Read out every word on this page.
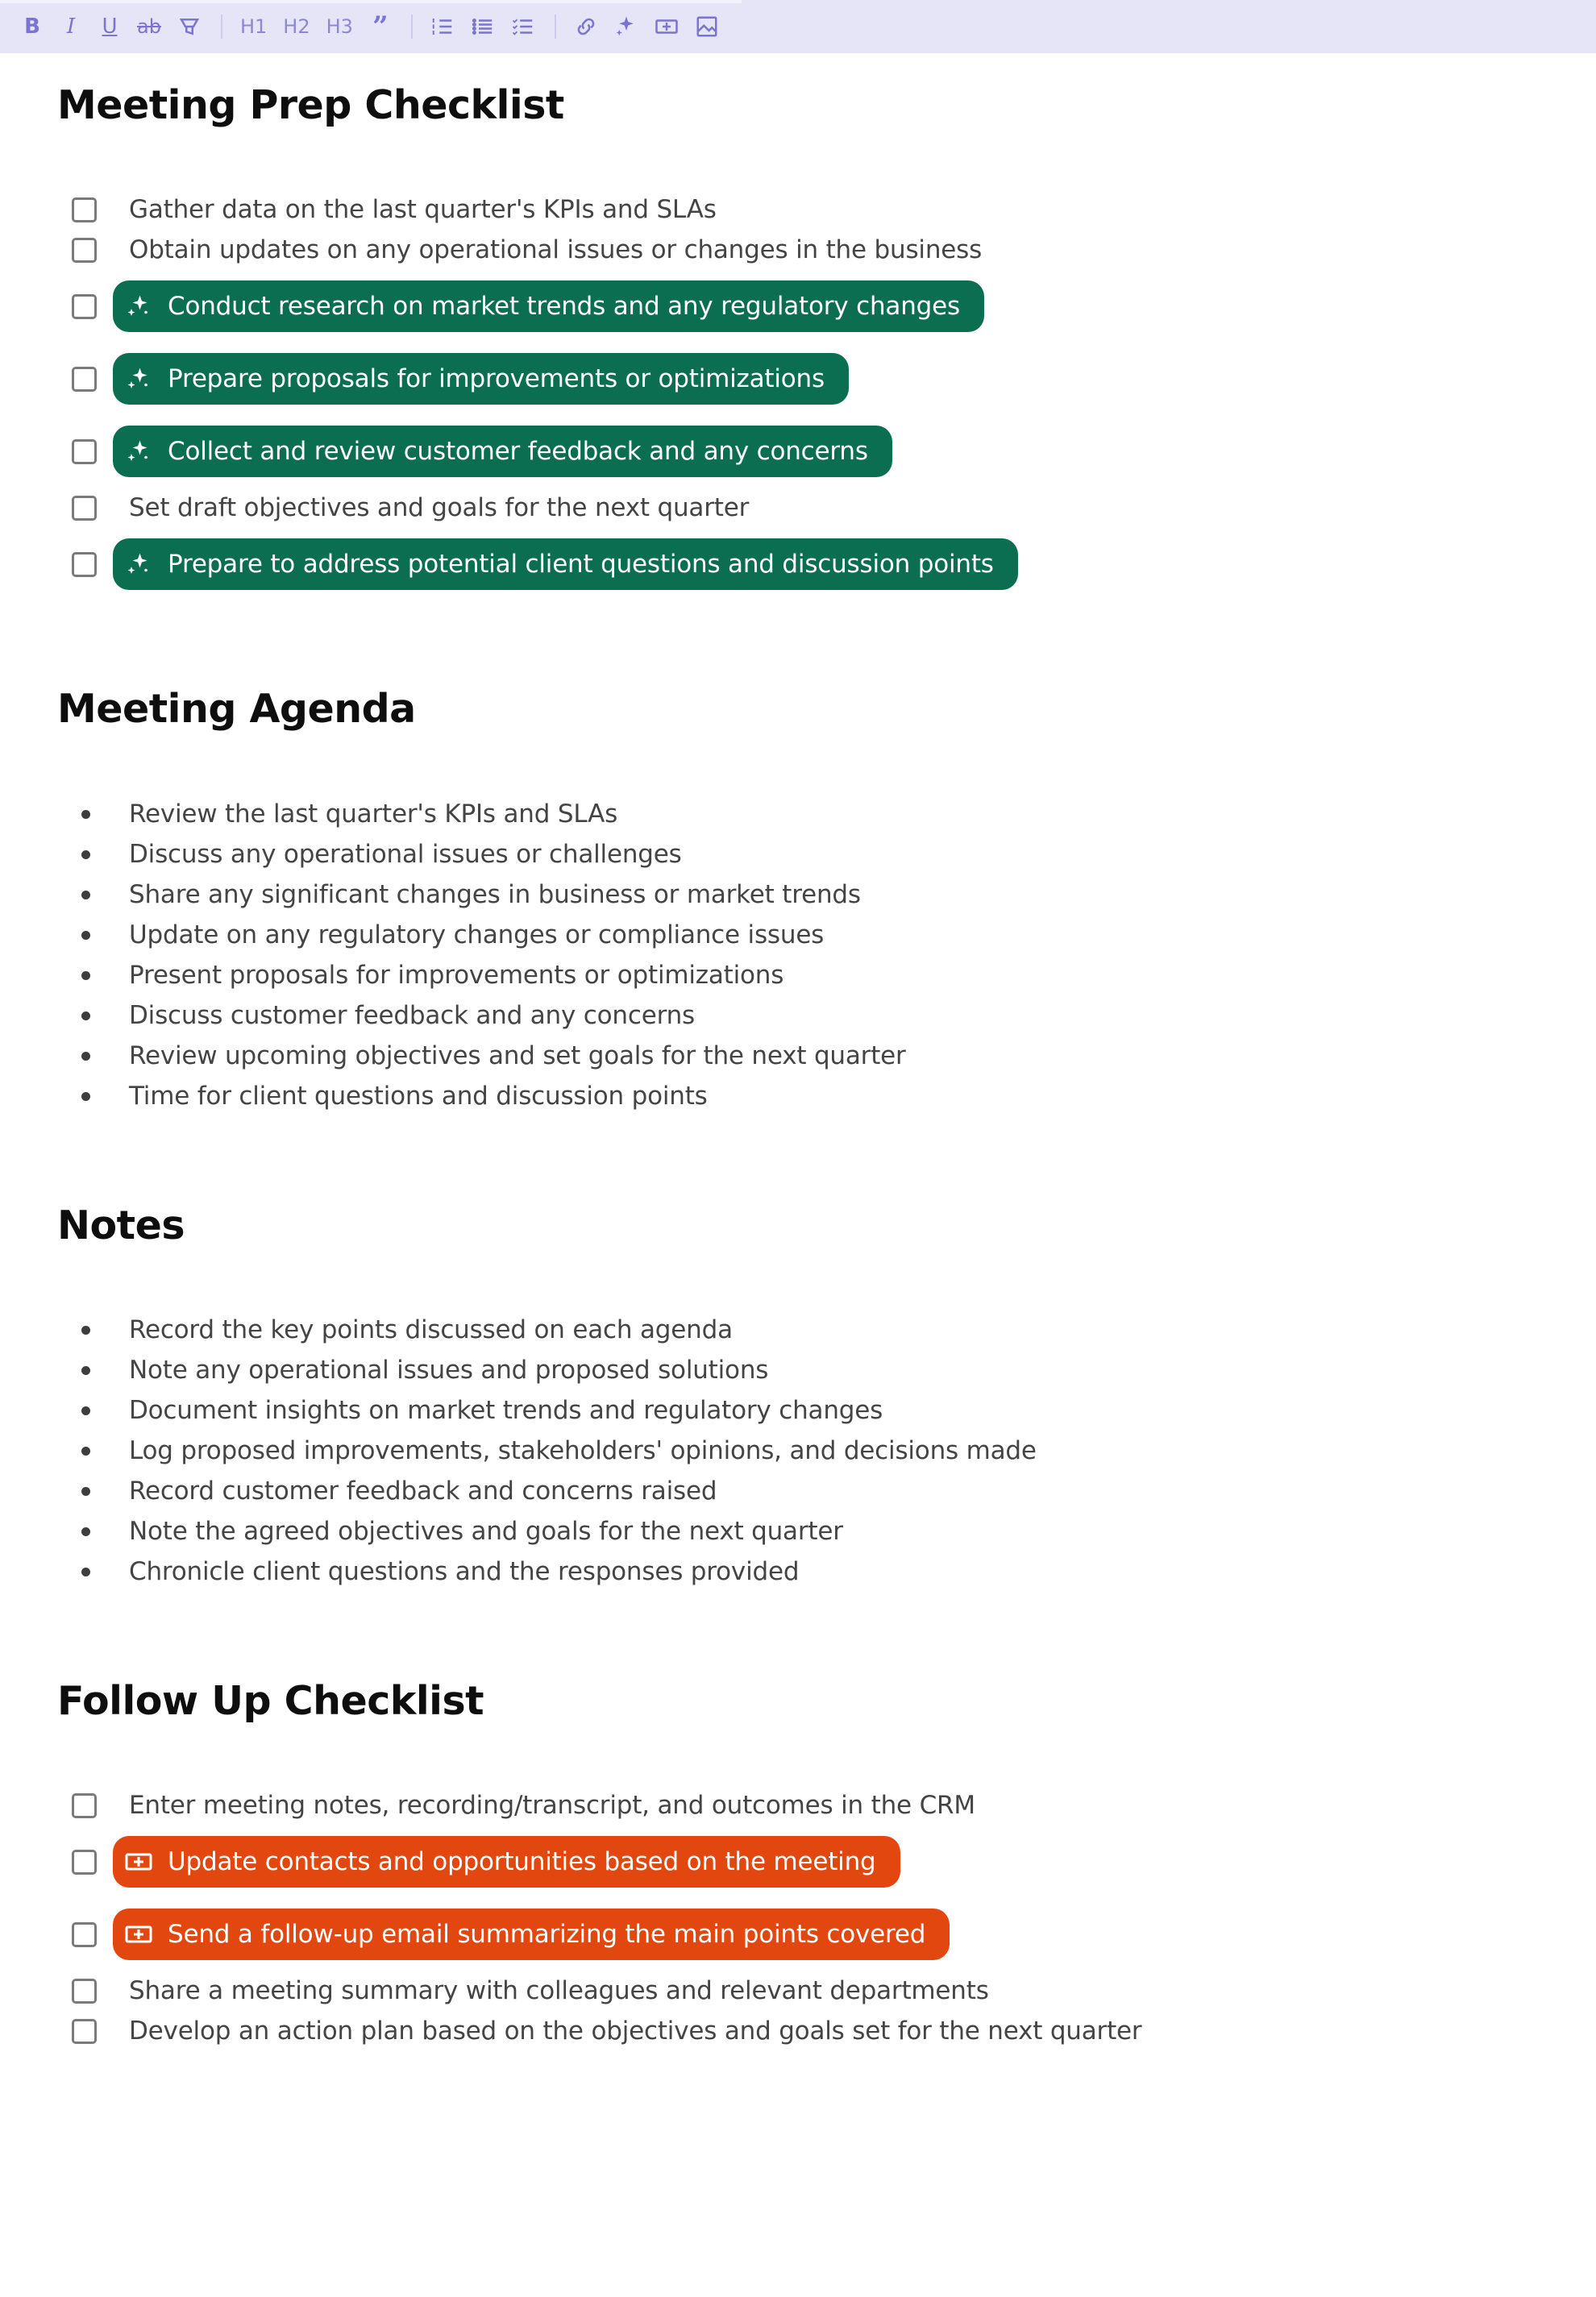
B	I	U	ab	H1 H2 H3 ”
Meeting Prep Checklist
Gather data on the last quarter's KPIs and SLAs
Obtain updates on any operational issues or changes in the business
Conduct research on market trends and any regulatory changes
Prepare proposals for improvements or optimizations
Collect and review customer feedback and any concerns
Set draft objectives and goals for the next quarter
Prepare to address potential client questions and discussion points
Meeting Agenda
Review the last quarter's KPIs and SLAs
Discuss any operational issues or challenges
Share any significant changes in business or market trends
Update on any regulatory changes or compliance issues
Present proposals for improvements or optimizations
Discuss customer feedback and any concerns
Review upcoming objectives and set goals for the next quarter
Time for client questions and discussion points
Notes
Record the key points discussed on each agenda
Note any operational issues and proposed solutions
Document insights on market trends and regulatory changes
Log proposed improvements, stakeholders' opinions, and decisions made
Record customer feedback and concerns raised
Note the agreed objectives and goals for the next quarter
Chronicle client questions and the responses provided
Follow Up Checklist
Enter meeting notes, recording/transcript, and outcomes in the CRM
Update contacts and opportunities based on the meeting
Send a follow-up email summarizing the main points covered
Share a meeting summary with colleagues and relevant departments
Develop an action plan based on the objectives and goals set for the next quarter
